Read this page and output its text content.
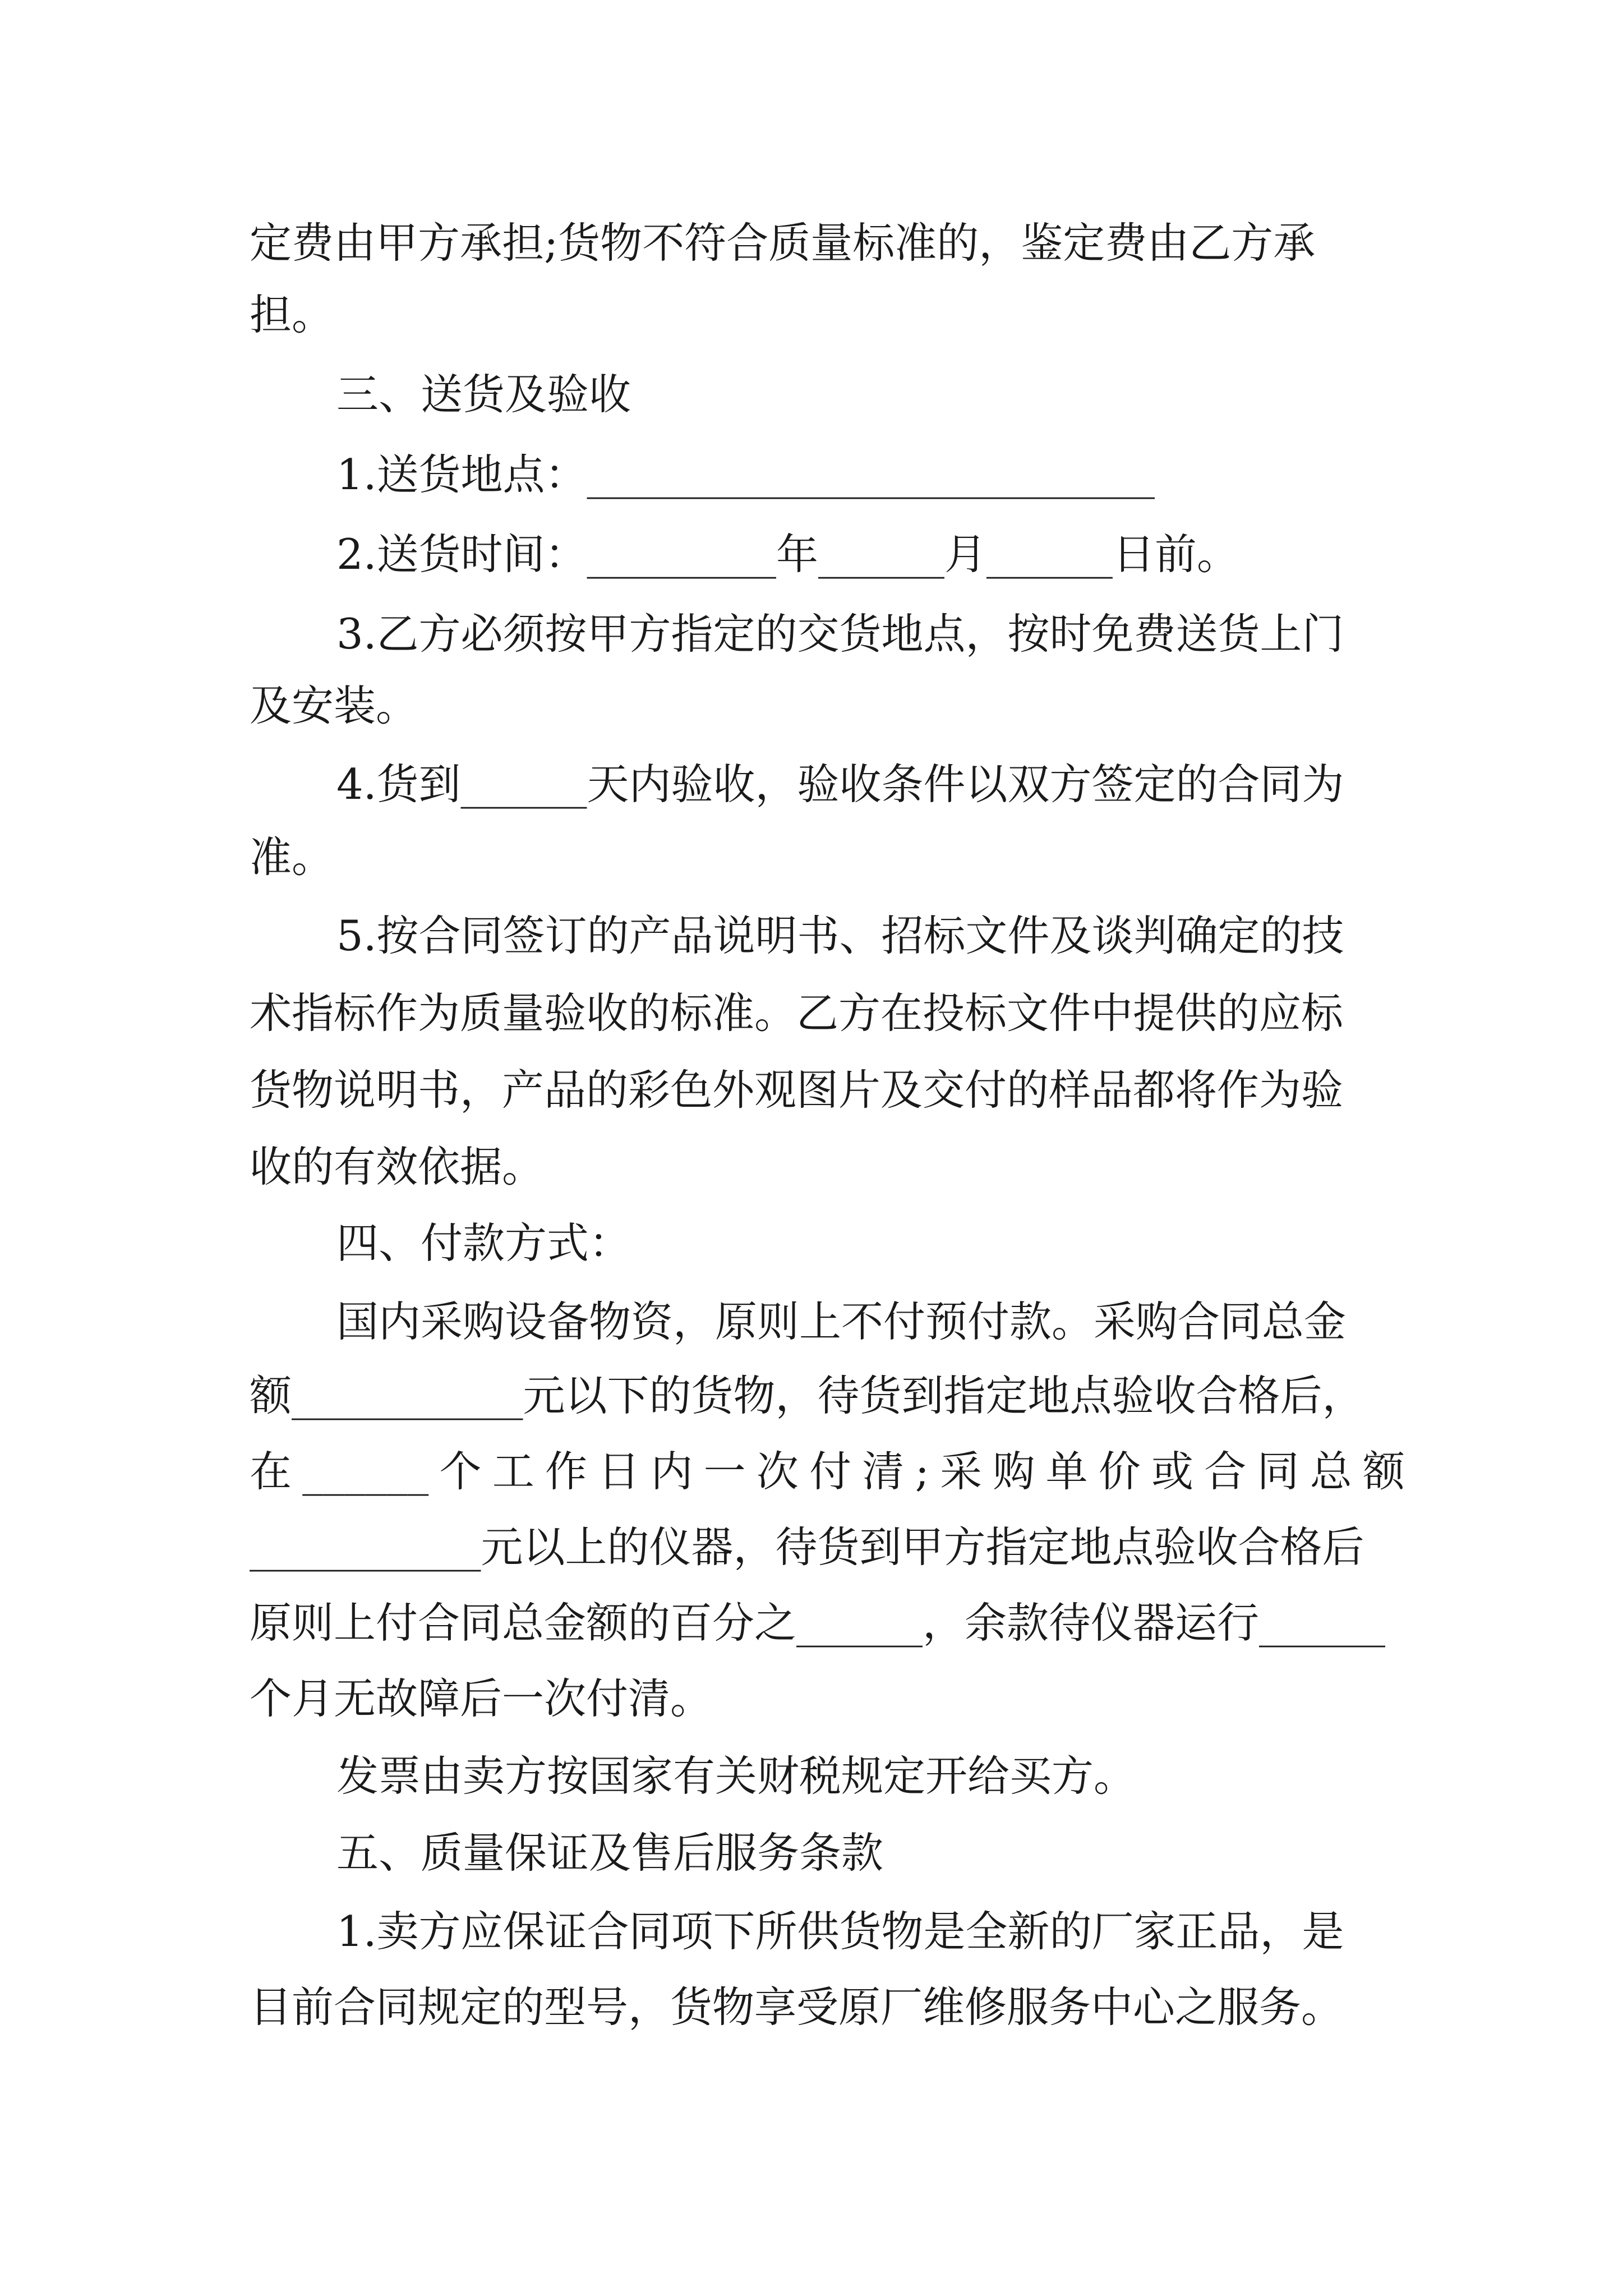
定费由甲方承担;货物不符合质量标准的，鉴定费由乙方承
担。
三、送货及验收
1.送货地点：___________________________
2.送货时间：_________年______月______日前。
3.乙方必须按甲方指定的交货地点，按时免费送货上门
及安装。
4.货到______天内验收，验收条件以双方签定的合同为
准。
5.按合同签订的产品说明书、招标文件及谈判确定的技
术指标作为质量验收的标准。乙方在投标文件中提供的应标
货物说明书，产品的彩色外观图片及交付的样品都将作为验
收的有效依据。
四、付款方式：
国内采购设备物资，原则上不付预付款。采购合同总金
额___________元以下的货物，待货到指定地点验收合格后，
在______个工作日内一次付清;采购单价或合同总额
___________元以上的仪器，待货到甲方指定地点验收合格后
原则上付合同总金额的百分之______，余款待仪器运行______
个月无故障后一次付清。
发票由卖方按国家有关财税规定开给买方。
五、质量保证及售后服务条款
1.卖方应保证合同项下所供货物是全新的厂家正品，是
目前合同规定的型号，货物享受原厂维修服务中心之服务。
